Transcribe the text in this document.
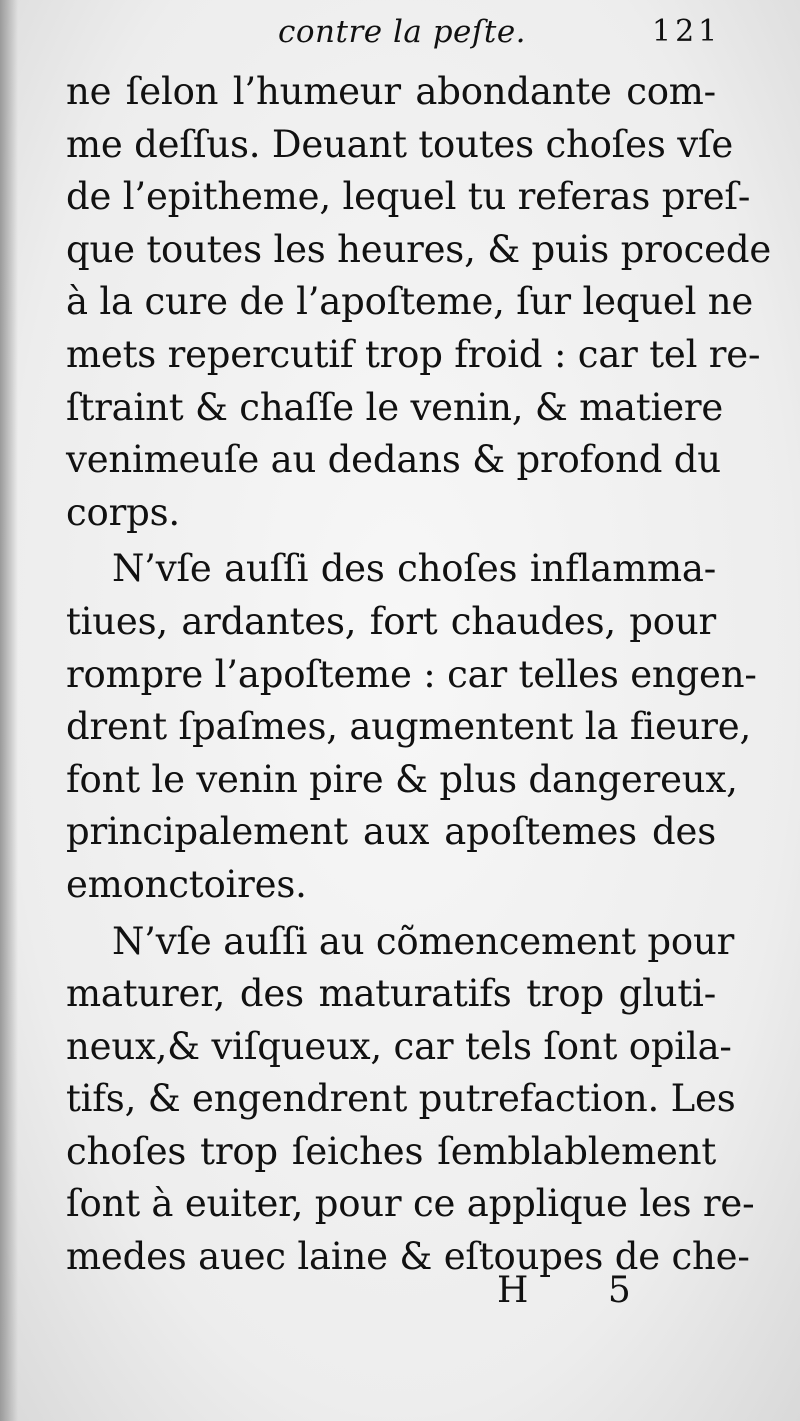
contre la peſte.	121
ne ſelon l’humeur abondante com-
me deſſus. Deuant toutes choſes vſe
de l’epitheme, lequel tu referas preſ-
que toutes les heures, & puis procede
à la cure de l’apoſteme, ſur lequel ne
mets repercutif trop froid : car tel re-
ſtraint & chaſſe le venin, & matiere
venimeuſe au dedans & profond du
corps.
N’vſe auſſi des choſes inflamma-
tiues, ardantes, fort chaudes, pour
rompre l’apoſteme : car telles engen-
drent ſpaſmes, augmentent la fieure,
font le venin pire & plus dangereux,
principalement aux apoſtemes des
emonctoires.
N’vſe auſſi au cõmencement pour
maturer, des maturatifs trop gluti-
neux,& viſqueux, car tels ſont opila-
tifs, & engendrent putrefaction. Les
choſes trop ſeiches ſemblablement
ſont à euiter, pour ce applique les re-
medes auec laine & eſtoupes de che-
H 5
